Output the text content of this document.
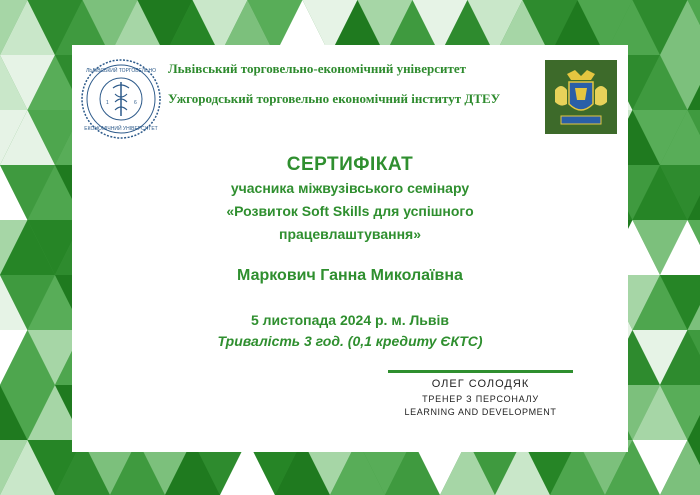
ЛЬВІВСЬКИЙ ТОРГОВЕЛЬНО
ЕКОНОМІЧНИЙ УНІВЕРСИТЕТ
1	6
Львівський торговельно-економічний університет
Ужгородський торговельно економічний інститут ДТЕУ
СЕРТИФІКАТ
учасника міжвузівського семінару
«Розвиток Soft Skills для успішного
працевлаштування»
Маркович Ганна Миколаївна
5 листопада 2024 р. м. Львів
Тривалість 3 год. (0,1 кредиту ЄКТС)
ОЛЕГ СОЛОДЯК
ТРЕНЕР З ПЕРСОНАЛУ
LEARNING AND DEVELOPMENT
